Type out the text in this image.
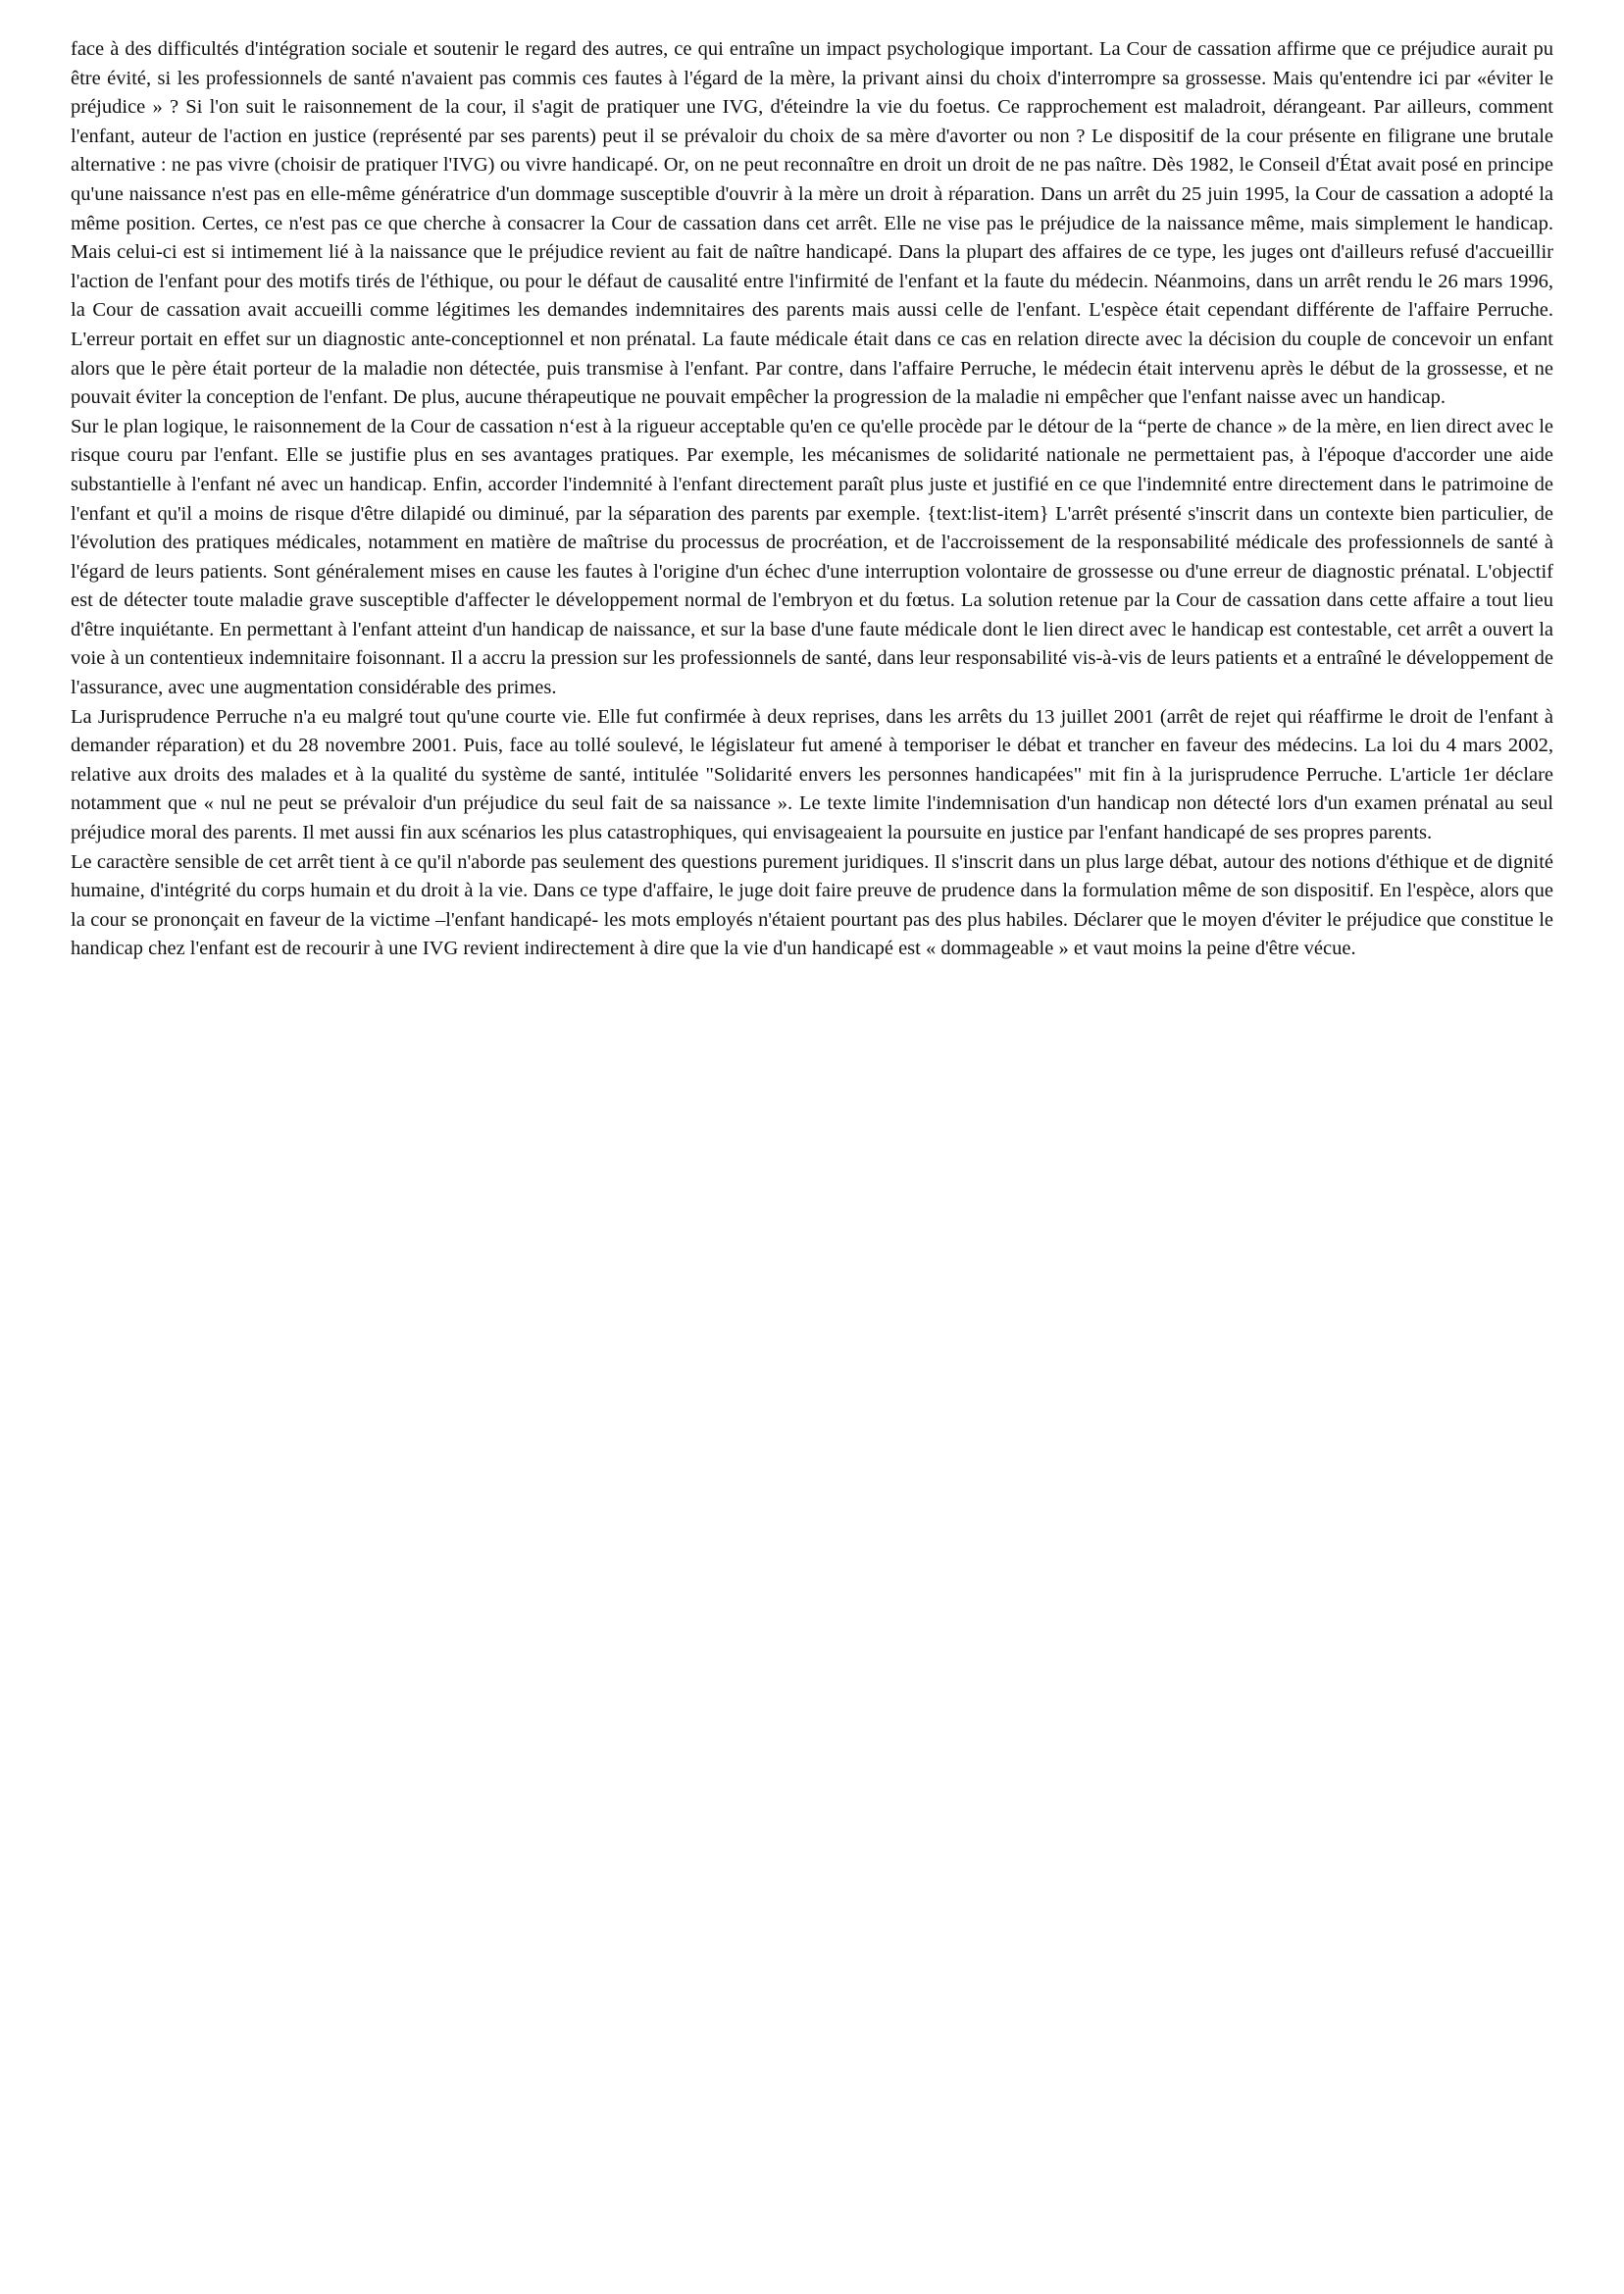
face à des difficultés d'intégration sociale et soutenir le regard des autres, ce qui entraîne un impact psychologique important. La Cour de cassation affirme que ce préjudice aurait pu être évité, si les professionnels de santé n'avaient pas commis ces fautes à l'égard de la mère, la privant ainsi du choix d'interrompre sa grossesse. Mais qu'entendre ici par «éviter le préjudice » ? Si l'on suit le raisonnement de la cour, il s'agit de pratiquer une IVG, d'éteindre la vie du foetus. Ce rapprochement est maladroit, dérangeant. Par ailleurs, comment l'enfant, auteur de l'action en justice (représenté par ses parents) peut il se prévaloir du choix de sa mère d'avorter ou non ? Le dispositif de la cour présente en filigrane une brutale alternative : ne pas vivre (choisir de pratiquer l'IVG) ou vivre handicapé. Or, on ne peut reconnaître en droit un droit de ne pas naître. Dès 1982, le Conseil d'État avait posé en principe qu'une naissance n'est pas en elle-même génératrice d'un dommage susceptible d'ouvrir à la mère un droit à réparation. Dans un arrêt du 25 juin 1995, la Cour de cassation a adopté la même position. Certes, ce n'est pas ce que cherche à consacrer la Cour de cassation dans cet arrêt. Elle ne vise pas le préjudice de la naissance même, mais simplement le handicap. Mais celui-ci est si intimement lié à la naissance que le préjudice revient au fait de naître handicapé. Dans la plupart des affaires de ce type, les juges ont d'ailleurs refusé d'accueillir l'action de l'enfant pour des motifs tirés de l'éthique, ou pour le défaut de causalité entre l'infirmité de l'enfant et la faute du médecin. Néanmoins, dans un arrêt rendu le 26 mars 1996, la Cour de cassation avait accueilli comme légitimes les demandes indemnitaires des parents mais aussi celle de l'enfant. L'espèce était cependant différente de l'affaire Perruche. L'erreur portait en effet sur un diagnostic ante-conceptionnel et non prénatal. La faute médicale était dans ce cas en relation directe avec la décision du couple de concevoir un enfant alors que le père était porteur de la maladie non détectée, puis transmise à l'enfant. Par contre, dans l'affaire Perruche, le médecin était intervenu après le début de la grossesse, et ne pouvait éviter la conception de l'enfant. De plus, aucune thérapeutique ne pouvait empêcher la progression de la maladie ni empêcher que l'enfant naisse avec un handicap.

Sur le plan logique, le raisonnement de la Cour de cassation n‘est à la rigueur acceptable qu'en ce qu'elle procède par le détour de la “perte de chance » de la mère, en lien direct avec le risque couru par l'enfant. Elle se justifie plus en ses avantages pratiques. Par exemple, les mécanismes de solidarité nationale ne permettaient pas, à l'époque d'accorder une aide substantielle à l'enfant né avec un handicap. Enfin, accorder l'indemnité à l'enfant directement paraît plus juste et justifié en ce que l'indemnité entre directement dans le patrimoine de l'enfant et qu'il a moins de risque d'être dilapidé ou diminué, par la séparation des parents par exemple. {text:list-item} L'arrêt présenté s'inscrit dans un contexte bien particulier, de l'évolution des pratiques médicales, notamment en matière de maîtrise du processus de procréation, et de l'accroissement de la responsabilité médicale des professionnels de santé à l'égard de leurs patients. Sont généralement mises en cause les fautes à l'origine d'un échec d'une interruption volontaire de grossesse ou d'une erreur de diagnostic prénatal. L'objectif est de détecter toute maladie grave susceptible d'affecter le développement normal de l'embryon et du fœtus. La solution retenue par la Cour de cassation dans cette affaire a tout lieu d'être inquiétante. En permettant à l'enfant atteint d'un handicap de naissance, et sur la base d'une faute médicale dont le lien direct avec le handicap est contestable, cet arrêt a ouvert la voie à un contentieux indemnitaire foisonnant. Il a accru la pression sur les professionnels de santé, dans leur responsabilité vis-à-vis de leurs patients et a entraîné le développement de l'assurance, avec une augmentation considérable des primes.

La Jurisprudence Perruche n'a eu malgré tout qu'une courte vie. Elle fut confirmée à deux reprises, dans les arrêts du 13 juillet 2001 (arrêt de rejet qui réaffirme le droit de l'enfant à demander réparation) et du 28 novembre 2001. Puis, face au tollé soulevé, le législateur fut amené à temporiser le débat et trancher en faveur des médecins. La loi du 4 mars 2002, relative aux droits des malades et à la qualité du système de santé, intitulée "Solidarité envers les personnes handicapées" mit fin à la jurisprudence Perruche. L'article 1er déclare notamment que « nul ne peut se prévaloir d'un préjudice du seul fait de sa naissance ». Le texte limite l'indemnisation d'un handicap non détecté lors d'un examen prénatal au seul préjudice moral des parents. Il met aussi fin aux scénarios les plus catastrophiques, qui envisageaient la poursuite en justice par l'enfant handicapé de ses propres parents.

Le caractère sensible de cet arrêt tient à ce qu'il n'aborde pas seulement des questions purement juridiques. Il s'inscrit dans un plus large débat, autour des notions d'éthique et de dignité humaine, d'intégrité du corps humain et du droit à la vie. Dans ce type d'affaire, le juge doit faire preuve de prudence dans la formulation même de son dispositif. En l'espèce, alors que la cour se prononçait en faveur de la victime –l'enfant handicapé- les mots employés n'étaient pourtant pas des plus habiles. Déclarer que le moyen d'éviter le préjudice que constitue le handicap chez l'enfant est de recourir à une IVG revient indirectement à dire que la vie d'un handicapé est « dommageable » et vaut moins la peine d'être vécue.
